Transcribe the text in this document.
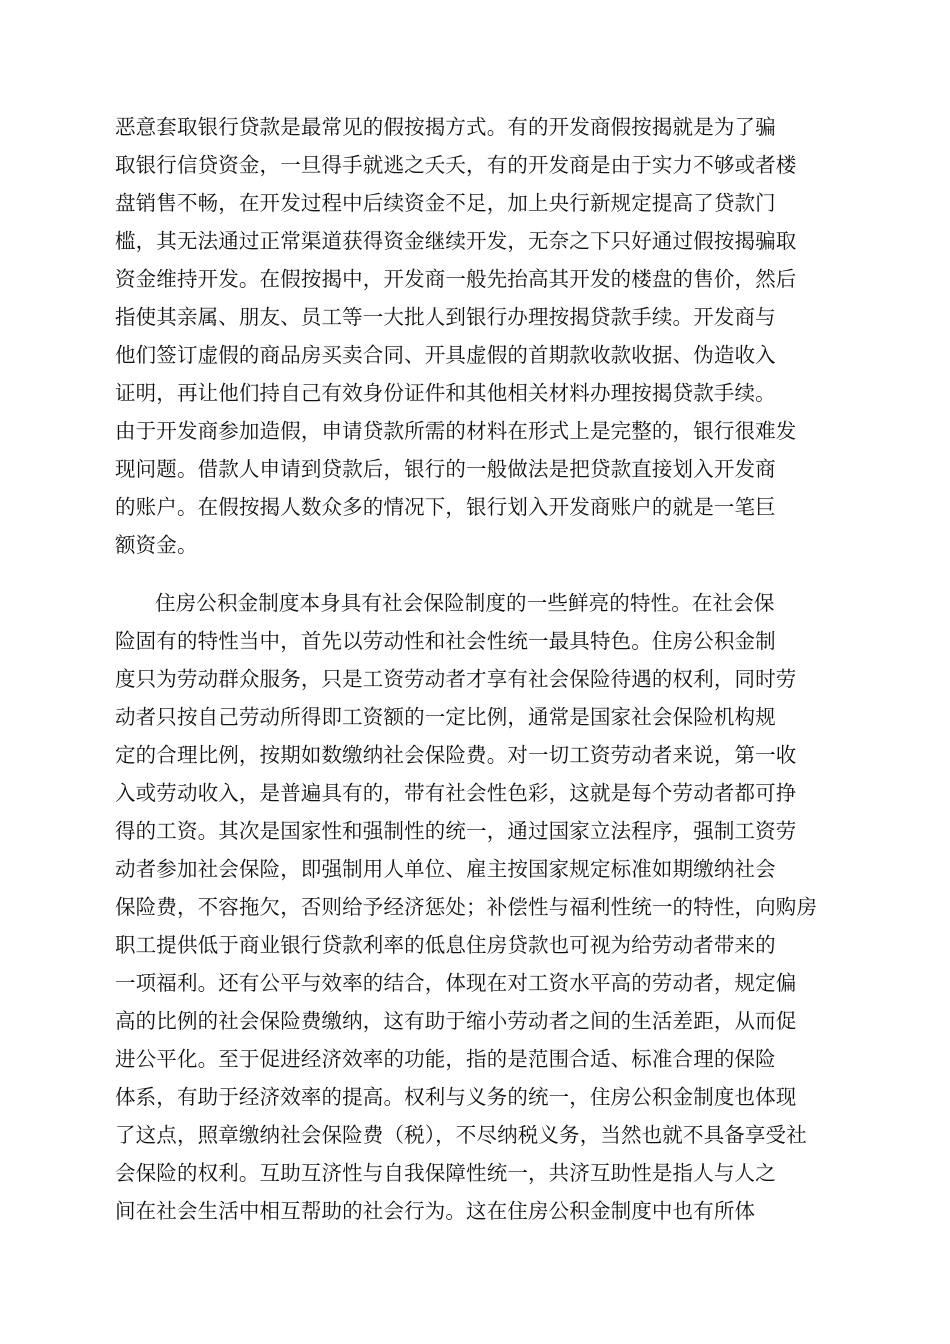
恶意套取银行贷款是最常见的假按揭方式。有的开发商假按揭就是为了骗

取银行信贷资金，一旦得手就逃之夭夭，有的开发商是由于实力不够或者楼

盘销售不畅，在开发过程中后续资金不足，加上央行新规定提高了贷款门

槛，其无法通过正常渠道获得资金继续开发，无奈之下只好通过假按揭骗取

资金维持开发。在假按揭中，开发商一般先抬高其开发的楼盘的售价，然后

指使其亲属、朋友、员工等一大批人到银行办理按揭贷款手续。开发商与

他们签订虚假的商品房买卖合同、开具虚假的首期款收款收据、伪造收入

证明，再让他们持自己有效身份证件和其他相关材料办理按揭贷款手续。

由于开发商参加造假，申请贷款所需的材料在形式上是完整的，银行很难发

现问题。借款人申请到贷款后，银行的一般做法是把贷款直接划入开发商

的账户。在假按揭人数众多的情况下，银行划入开发商账户的就是一笔巨

额资金。

住房公积金制度本身具有社会保险制度的一些鲜亮的特性。在社会保

险固有的特性当中，首先以劳动性和社会性统一最具特色。住房公积金制

度只为劳动群众服务，只是工资劳动者才享有社会保险待遇的权利，同时劳

动者只按自己劳动所得即工资额的一定比例，通常是国家社会保险机构规

定的合理比例，按期如数缴纳社会保险费。对一切工资劳动者来说，第一收

入或劳动收入，是普遍具有的，带有社会性色彩，这就是每个劳动者都可挣

得的工资。其次是国家性和强制性的统一，通过国家立法程序，强制工资劳

动者参加社会保险，即强制用人单位、雇主按国家规定标准如期缴纳社会

保险费，不容拖欠，否则给予经济惩处；补偿性与福利性统一的特性，向购房

职工提供低于商业银行贷款利率的低息住房贷款也可视为给劳动者带来的

一项福利。还有公平与效率的结合，体现在对工资水平高的劳动者，规定偏

高的比例的社会保险费缴纳，这有助于缩小劳动者之间的生活差距，从而促

进公平化。至于促进经济效率的功能，指的是范围合适、标准合理的保险

体系，有助于经济效率的提高。权利与义务的统一，住房公积金制度也体现

了这点，照章缴纳社会保险费（税），不尽纳税义务，当然也就不具备享受社

会保险的权利。互助互济性与自我保障性统一，共济互助性是指人与人之

间在社会生活中相互帮助的社会行为。这在住房公积金制度中也有所体
